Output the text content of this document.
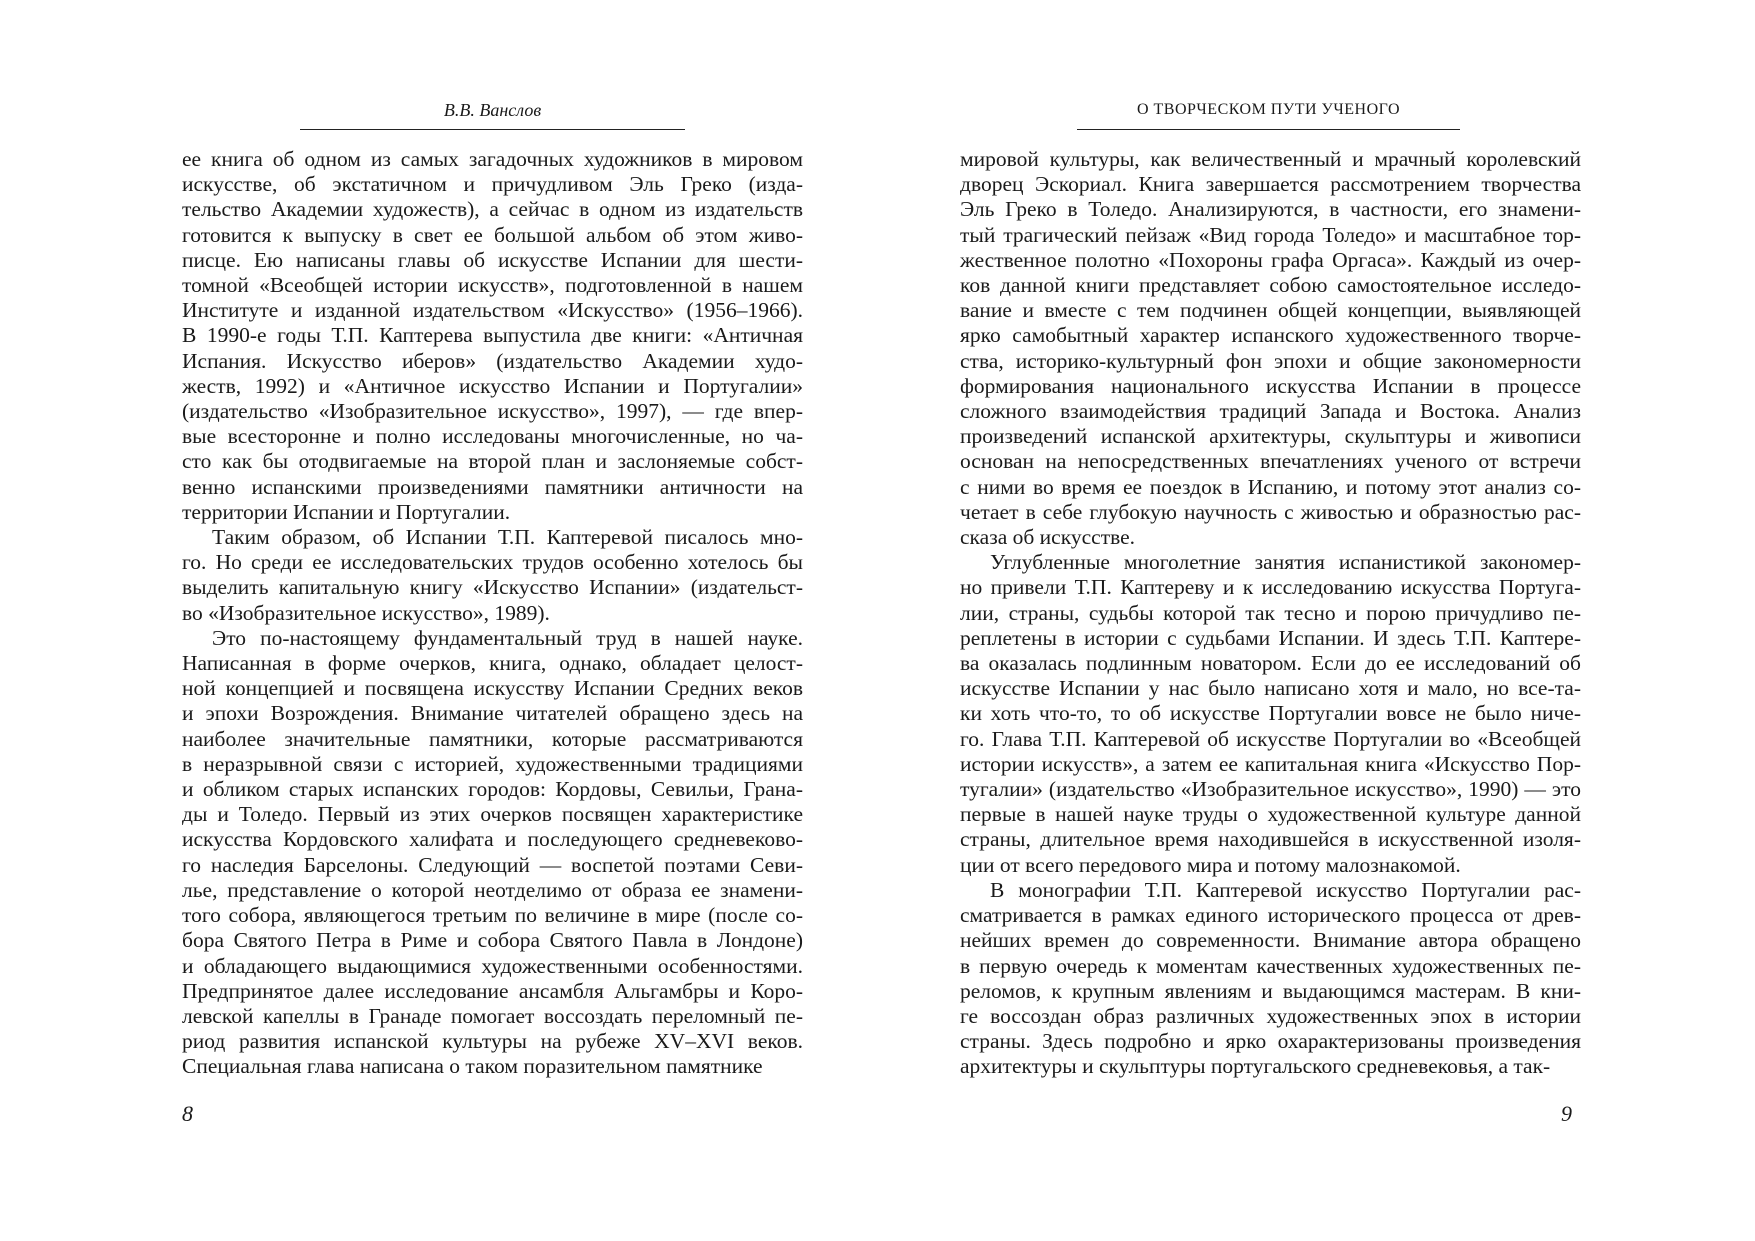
В.В. Ванслов

ее книга об одном из самых загадочных художников в мировом
искусстве, об экстатичном и причудливом Эль Греко (изда-
тельство Академии художеств), а сейчас в одном из издательств
готовится к выпуску в свет ее большой альбом об этом живо-
писце. Ею написаны главы об искусстве Испании для шести-
томной «Всеобщей истории искусств», подготовленной в нашем
Институте и изданной издательством «Искусство» (1956–1966).
В 1990-е годы Т.П. Каптерева выпустила две книги: «Античная
Испания. Искусство иберов» (издательство Академии худо-
жеств, 1992) и «Античное искусство Испании и Португалии»
(издательство «Изобразительное искусство», 1997), — где впер-
вые всесторонне и полно исследованы многочисленные, но ча-
сто как бы отодвигаемые на второй план и заслоняемые собст-
венно испанскими произведениями памятники античности на
территории Испании и Португалии.

Таким образом, об Испании Т.П. Каптеревой писалось мно-
го. Но среди ее исследовательских трудов особенно хотелось бы
выделить капитальную книгу «Искусство Испании» (издательст-
во «Изобразительное искусство», 1989).

Это по-настоящему фундаментальный труд в нашей науке.
Написанная в форме очерков, книга, однако, обладает целост-
ной концепцией и посвящена искусству Испании Средних веков
и эпохи Возрождения. Внимание читателей обращено здесь на
наиболее значительные памятники, которые рассматриваются
в неразрывной связи с историей, художественными традициями
и обликом старых испанских городов: Кордовы, Севильи, Грана-
ды и Толедо. Первый из этих очерков посвящен характеристике
искусства Кордовского халифата и последующего средневеково-
го наследия Барселоны. Следующий — воспетой поэтами Севи-
лье, представление о которой неотделимо от образа ее знамени-
того собора, являющегося третьим по величине в мире (после со-
бора Святого Петра в Риме и собора Святого Павла в Лондоне)
и обладающего выдающимися художественными особенностями.
Предпринятое далее исследование ансамбля Альгамбры и Коро-
левской капеллы в Гранаде помогает воссоздать переломный пе-
риод развития испанской культуры на рубеже XV–XVI веков.
Специальная глава написана о таком поразительном памятнике

8
О ТВОРЧЕСКОМ ПУТИ УЧЕНОГО

мировой культуры, как величественный и мрачный королевский
дворец Эскориал. Книга завершается рассмотрением творчества
Эль Греко в Толедо. Анализируются, в частности, его знамени-
тый трагический пейзаж «Вид города Толедо» и масштабное тор-
жественное полотно «Похороны графа Оргаса». Каждый из очер-
ков данной книги представляет собою самостоятельное исследо-
вание и вместе с тем подчинен общей концепции, выявляющей
ярко самобытный характер испанского художественного творче-
ства, историко-культурный фон эпохи и общие закономерности
формирования национального искусства Испании в процессе
сложного взаимодействия традиций Запада и Востока. Анализ
произведений испанской архитектуры, скульптуры и живописи
основан на непосредственных впечатлениях ученого от встречи
с ними во время ее поездок в Испанию, и потому этот анализ со-
четает в себе глубокую научность с живостью и образностью рас-
сказа об искусстве.

Углубленные многолетние занятия испанистикой закономер-
но привели Т.П. Каптереву и к исследованию искусства Португа-
лии, страны, судьбы которой так тесно и порою причудливо пе-
реплетены в истории с судьбами Испании. И здесь Т.П. Каптере-
ва оказалась подлинным новатором. Если до ее исследований об
искусстве Испании у нас было написано хотя и мало, но все-та-
ки хоть что-то, то об искусстве Португалии вовсе не было ниче-
го. Глава Т.П. Каптеревой об искусстве Португалии во «Всеобщей
истории искусств», а затем ее капитальная книга «Искусство Пор-
тугалии» (издательство «Изобразительное искусство», 1990) — это
первые в нашей науке труды о художественной культуре данной
страны, длительное время находившейся в искусственной изоля-
ции от всего передового мира и потому малознакомой.

В монографии Т.П. Каптеревой искусство Португалии рас-
сматривается в рамках единого исторического процесса от древ-
нейших времен до современности. Внимание автора обращено
в первую очередь к моментам качественных художественных пе-
реломов, к крупным явлениям и выдающимся мастерам. В кни-
ге воссоздан образ различных художественных эпох в истории
страны. Здесь подробно и ярко охарактеризованы произведения
архитектуры и скульптуры португальского средневековья, а так-

9
